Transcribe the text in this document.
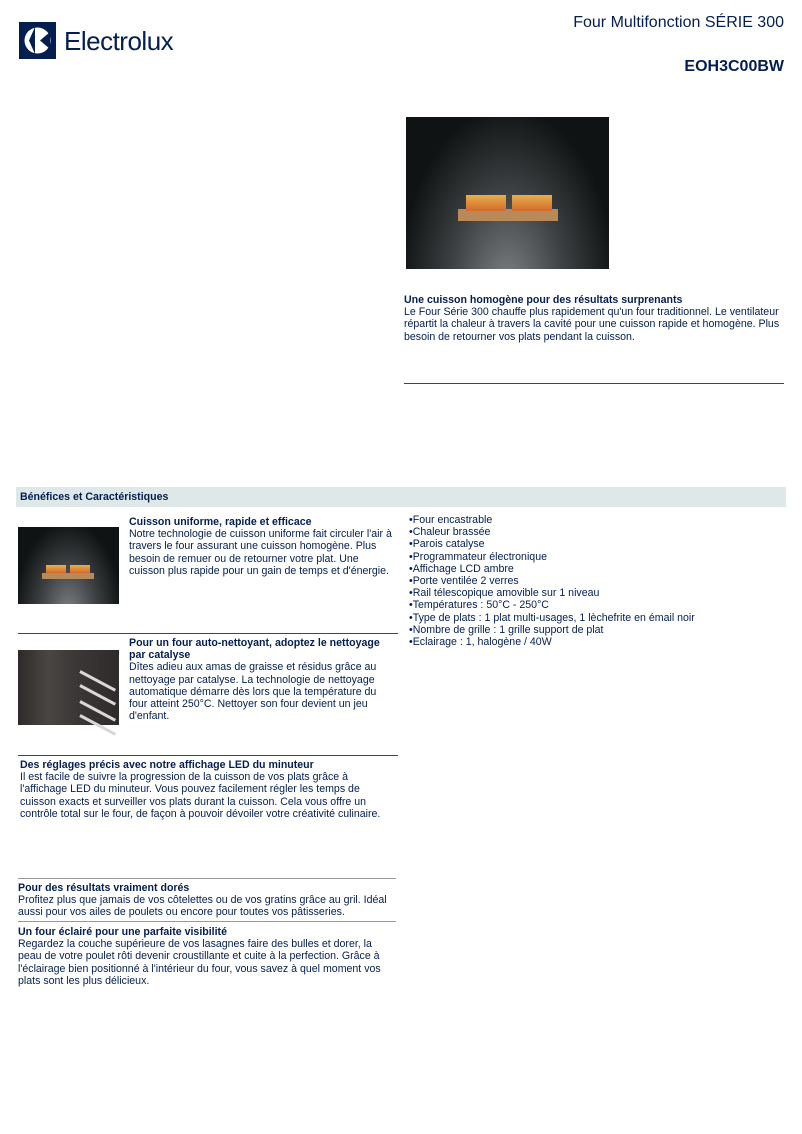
Electrolux
Four Multifonction SÉRIE 300
EOH3C00BW
Une cuisson homogène pour des résultats surprenants
Le Four Série 300 chauffe plus rapidement qu'un four traditionnel. Le ventilateur répartit la chaleur à travers la cavité pour une cuisson rapide et homogène. Plus besoin de retourner vos plats pendant la cuisson.
Bénéfices et Caractéristiques
Cuisson uniforme, rapide et efficace
Notre technologie de cuisson uniforme fait circuler l'air à travers le four assurant une cuisson homogène. Plus besoin de remuer ou de retourner votre plat. Une cuisson plus rapide pour un gain de temps et d'énergie.
Pour un four auto-nettoyant, adoptez le nettoyage par catalyse
Dîtes adieu aux amas de graisse et résidus grâce au nettoyage par catalyse. La technologie de nettoyage automatique démarre dès lors que la température du four atteint 250°C. Nettoyer son four devient un jeu d'enfant.
Des réglages précis avec notre affichage LED du minuteur
Il est facile de suivre la progression de la cuisson de vos plats grâce à l'affichage LED du minuteur. Vous pouvez facilement régler les temps de cuisson exacts et surveiller vos plats durant la cuisson. Cela vous offre un contrôle total sur le four, de façon à pouvoir dévoiler votre créativité culinaire.
Pour des résultats vraiment dorés
Profitez plus que jamais de vos côtelettes ou de vos gratins grâce au gril. Idéal aussi pour vos ailes de poulets ou encore pour toutes vos pâtisseries.
Un four éclairé pour une parfaite visibilité
Regardez la couche supérieure de vos lasagnes faire des bulles et dorer, la peau de votre poulet rôti devenir croustillante et cuite à la perfection. Grâce à l'éclairage bien positionné à l'intérieur du four, vous savez à quel moment vos plats sont les plus délicieux.
• Four encastrable
• Chaleur brassée
• Parois catalyse
• Programmateur électronique
• Affichage LCD ambre
• Porte ventilée 2 verres
• Rail télescopique amovible sur 1 niveau
• Températures : 50°C - 250°C
• Type de plats : 1 plat multi-usages, 1 lèchefrite en émail noir
• Nombre de grille : 1 grille support de plat
• Eclairage : 1, halogène / 40W
